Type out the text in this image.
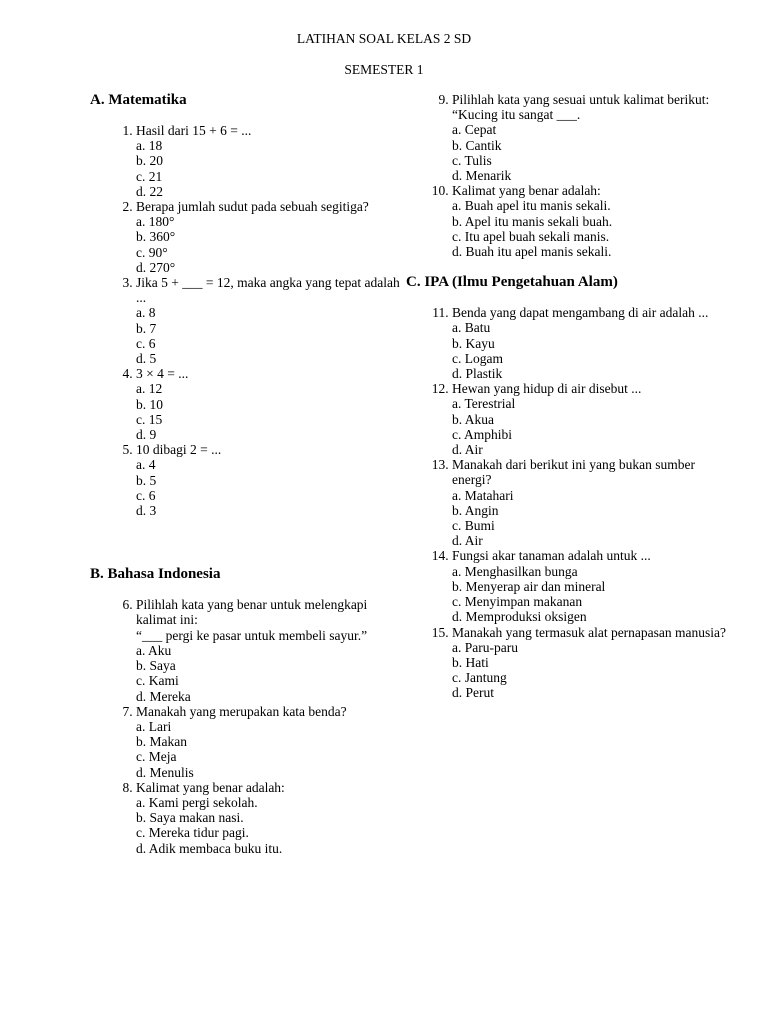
LATIHAN SOAL KELAS 2 SD
SEMESTER 1
A. Matematika
1. Hasil dari 15 + 6 = ...
a. 18
b. 20
c. 21
d. 22
2. Berapa jumlah sudut pada sebuah segitiga?
a. 180°
b. 360°
c. 90°
d. 270°
3. Jika 5 + ___ = 12, maka angka yang tepat adalah ...
a. 8
b. 7
c. 6
d. 5
4. 3 × 4 = ...
a. 12
b. 10
c. 15
d. 9
5. 10 dibagi 2 = ...
a. 4
b. 5
c. 6
d. 3
B. Bahasa Indonesia
6. Pilihlah kata yang benar untuk melengkapi kalimat ini:
“___ pergi ke pasar untuk membeli sayur.”
a. Aku
b. Saya
c. Kami
d. Mereka
7. Manakah yang merupakan kata benda?
a. Lari
b. Makan
c. Meja
d. Menulis
8. Kalimat yang benar adalah:
a. Kami pergi sekolah.
b. Saya makan nasi.
c. Mereka tidur pagi.
d. Adik membaca buku itu.
9. Pilihlah kata yang sesuai untuk kalimat berikut:
“Kucing itu sangat ___.
a. Cepat
b. Cantik
c. Tulis
d. Menarik
10. Kalimat yang benar adalah:
a. Buah apel itu manis sekali.
b. Apel itu manis sekali buah.
c. Itu apel buah sekali manis.
d. Buah itu apel manis sekali.
C. IPA (Ilmu Pengetahuan Alam)
11. Benda yang dapat mengambang di air adalah ...
a. Batu
b. Kayu
c. Logam
d. Plastik
12. Hewan yang hidup di air disebut ...
a. Terestrial
b. Akua
c. Amphibi
d. Air
13. Manakah dari berikut ini yang bukan sumber energi?
a. Matahari
b. Angin
c. Bumi
d. Air
14. Fungsi akar tanaman adalah untuk ...
a. Menghasilkan bunga
b. Menyerap air dan mineral
c. Menyimpan makanan
d. Memproduksi oksigen
15. Manakah yang termasuk alat pernapasan manusia?
a. Paru-paru
b. Hati
c. Jantung
d. Perut
